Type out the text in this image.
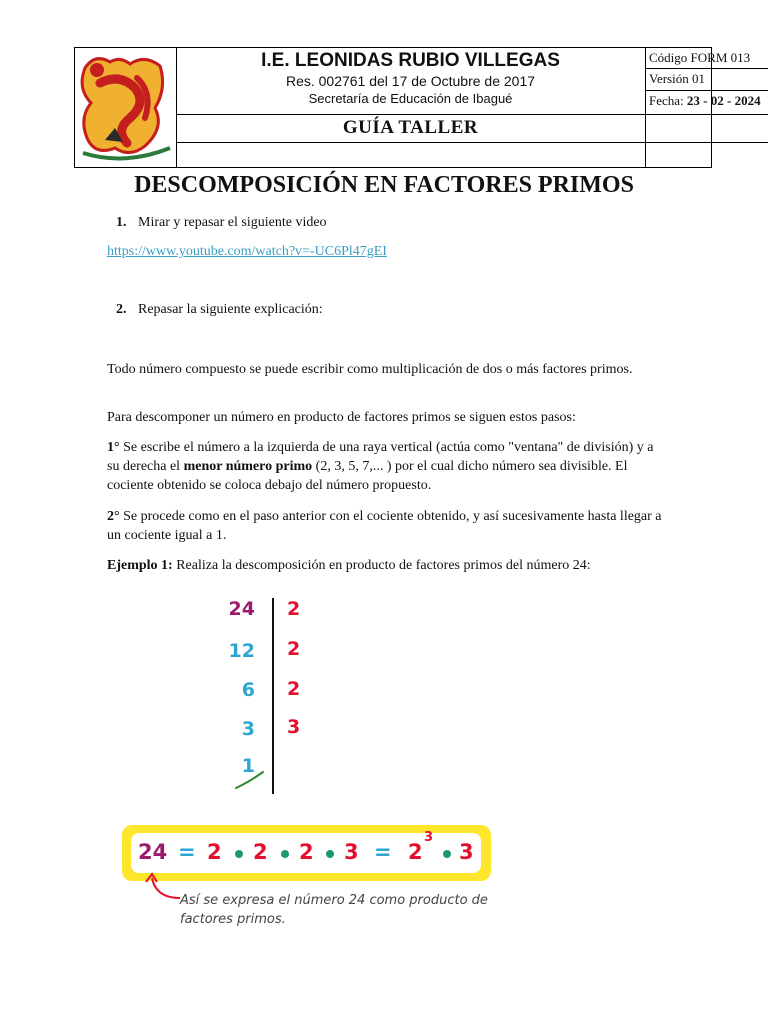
I.E. LEONIDAS RUBIO VILLEGAS
Res. 002761 del 17 de Octubre de 2017
Secretaría de Educación de Ibagué
GUÍA TALLER
Código FORM 013
Versión 01
Fecha: 23 - 02 - 2024
DESCOMPOSICIÓN EN FACTORES PRIMOS
1. Mirar y repasar el siguiente video
https://www.youtube.com/watch?v=-UC6Pl47gEI
2. Repasar la siguiente explicación:
Todo número compuesto se puede escribir como multiplicación de dos o más factores primos.
Para descomponer un número en producto de factores primos se siguen estos pasos:
1° Se escribe el número a la izquierda de una raya vertical (actúa como "ventana" de división) y a su derecha el menor número primo (2, 3, 5, 7,... ) por el cual dicho número sea divisible. El cociente obtenido se coloca debajo del número propuesto.
2° Se procede como en el paso anterior con el cociente obtenido, y así sucesivamente hasta llegar a un cociente igual a 1.
Ejemplo 1: Realiza la descomposición en producto de factores primos del número 24:
24
12
6
3
1
2
2
2
3
24 = 2 2 2 3 = 2
3
3
Así se expresa el número 24 como producto de factores primos.
